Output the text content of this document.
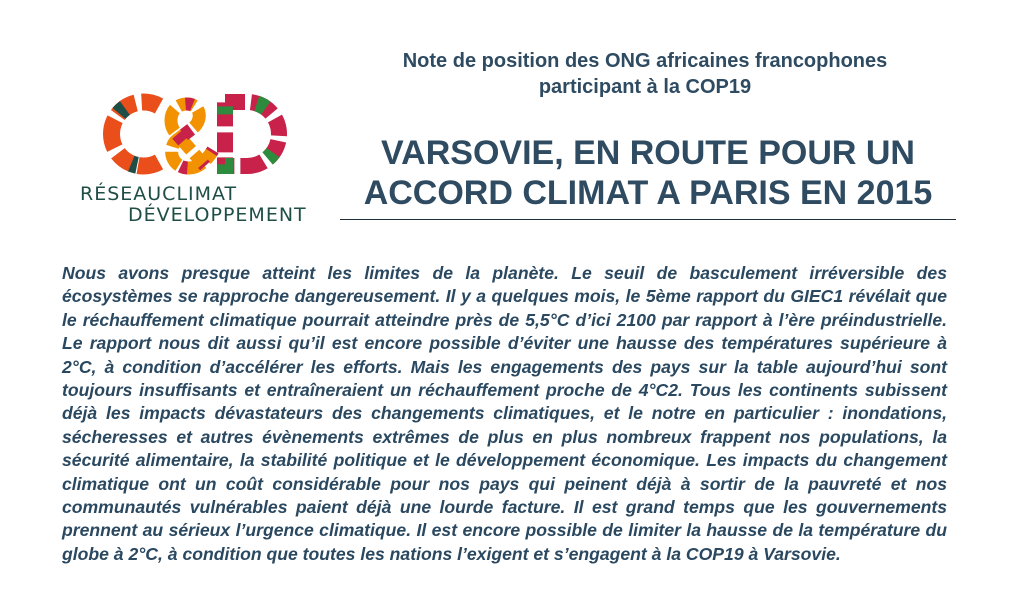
RÉSEAUCLIMAT
DÉVELOPPEMENT
Note de position des ONG africaines francophones
participant à la COP19
VARSOVIE, EN ROUTE POUR UN
ACCORD CLIMAT A PARIS EN 2015

Nous avons presque atteint les limites de la planète. Le seuil de basculement irréversible des écosystèmes se rapproche dangereusement. Il y a quelques mois, le 5ème rapport du GIEC1 révélait que le réchauffement climatique pourrait atteindre près de 5,5°C d’ici 2100 par rapport à l’ère préindustrielle. Le rapport nous dit aussi qu’il est encore possible d’éviter une hausse des températures supérieure à 2°C, à condition d’accélérer les efforts. Mais les engagements des pays sur la table aujourd’hui sont toujours insuffisants et entraîneraient un réchauffement proche de 4°C2. Tous les continents subissent déjà les impacts dévastateurs des changements climatiques, et le notre en particulier : inondations, sécheresses et autres évènements extrêmes de plus en plus nombreux frappent nos populations, la sécurité alimentaire, la stabilité politique et le développement économique. Les impacts du changement climatique ont un coût considérable pour nos pays qui peinent déjà à sortir de la pauvreté et nos communautés vulnérables paient déjà une lourde facture. Il est grand temps que les gouvernements prennent au sérieux l’urgence climatique. Il est encore possible de limiter la hausse de la température du globe à 2°C, à condition que toutes les nations l’exigent et s’engagent à la COP19 à Varsovie.
